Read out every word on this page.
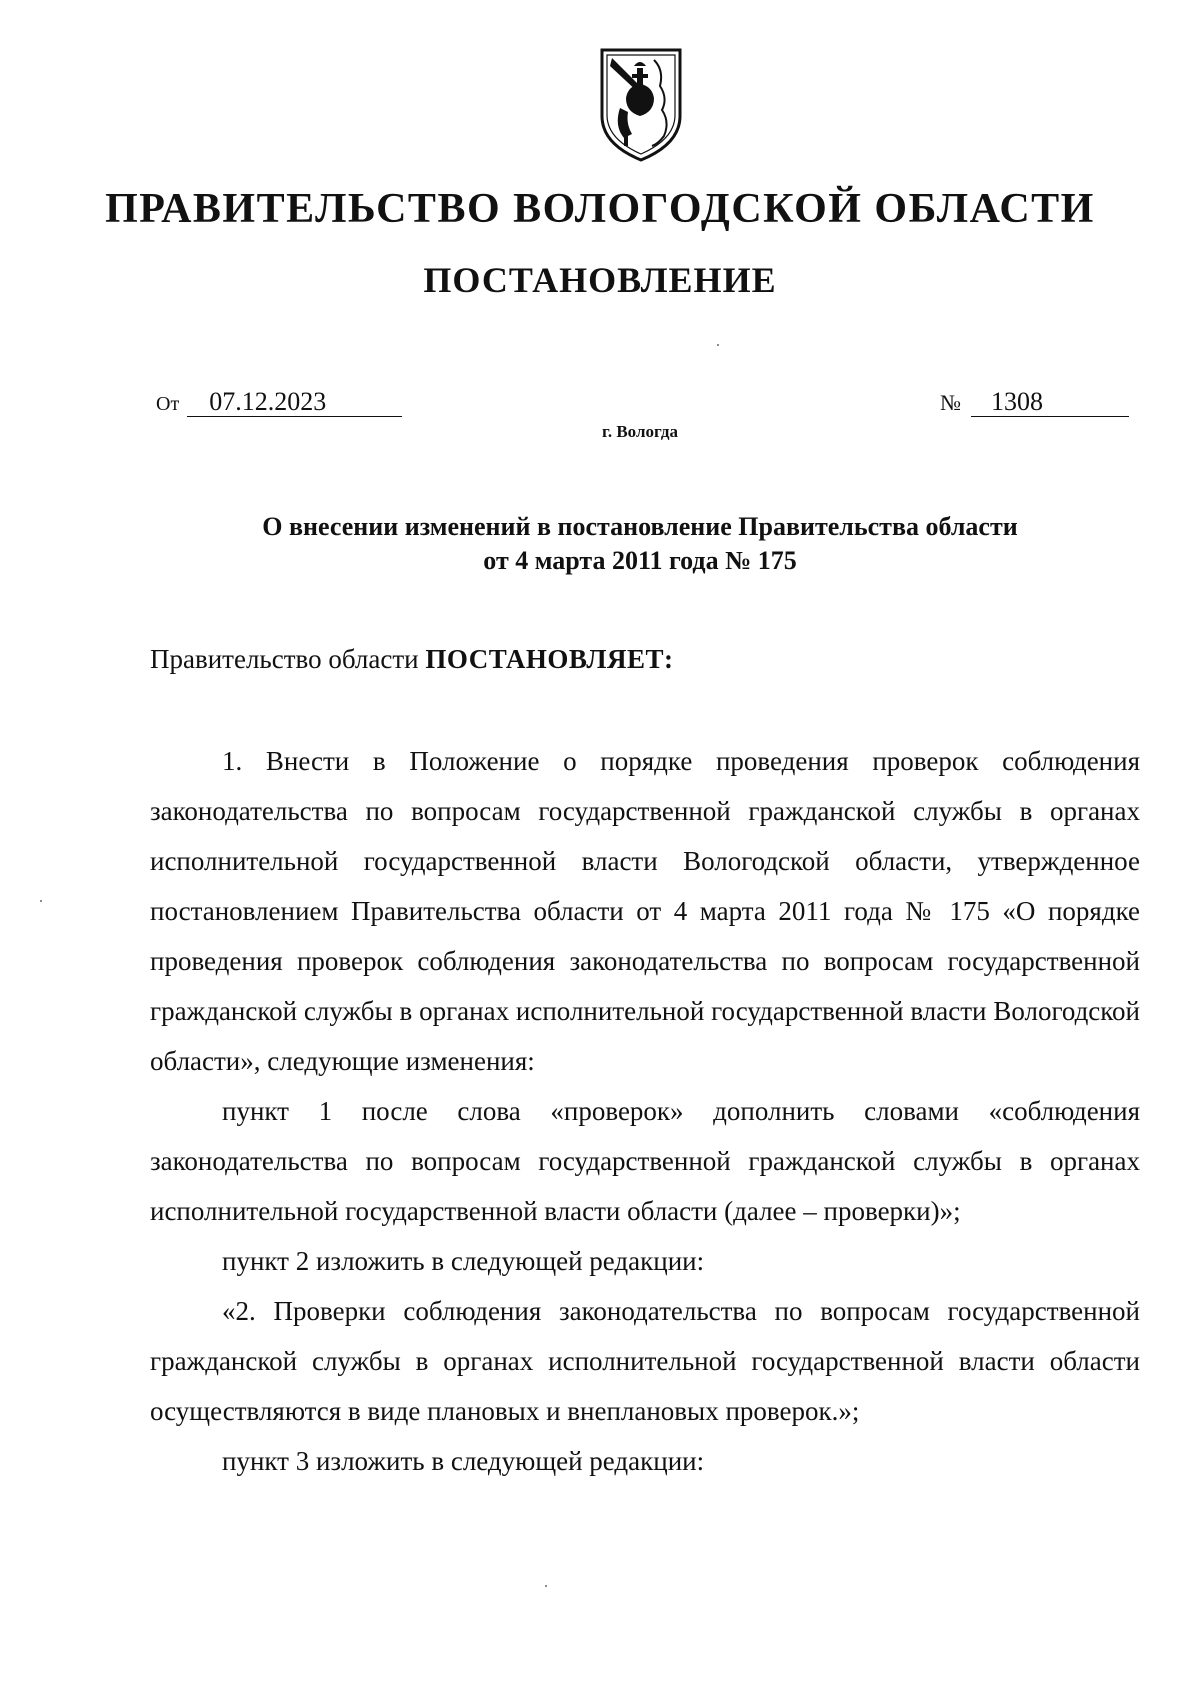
ПРАВИТЕЛЬСТВО ВОЛОГОДСКОЙ ОБЛАСТИ
ПОСТАНОВЛЕНИЕ
От 07.12.2023	№ 1308
г. Вологда
О внесении изменений в постановление Правительства области
от 4 марта 2011 года № 175
Правительство области ПОСТАНОВЛЯЕТ:

1. Внести в Положение о порядке проведения проверок соблюдения законодательства по вопросам государственной гражданской службы в органах исполнительной государственной власти Вологодской области, утвержденное постановлением Правительства области от 4 марта 2011 года № 175 «О порядке проведения проверок соблюдения законодательства по вопросам государственной гражданской службы в органах исполнительной государственной власти Вологодской области», следующие изменения:

пункт 1 после слова «проверок» дополнить словами «соблюдения законодательства по вопросам государственной гражданской службы в органах исполнительной государственной власти области (далее – проверки)»;

пункт 2 изложить в следующей редакции:

«2. Проверки соблюдения законодательства по вопросам государственной гражданской службы в органах исполнительной государственной власти области осуществляются в виде плановых и внеплановых проверок.»;

пункт 3 изложить в следующей редакции:
